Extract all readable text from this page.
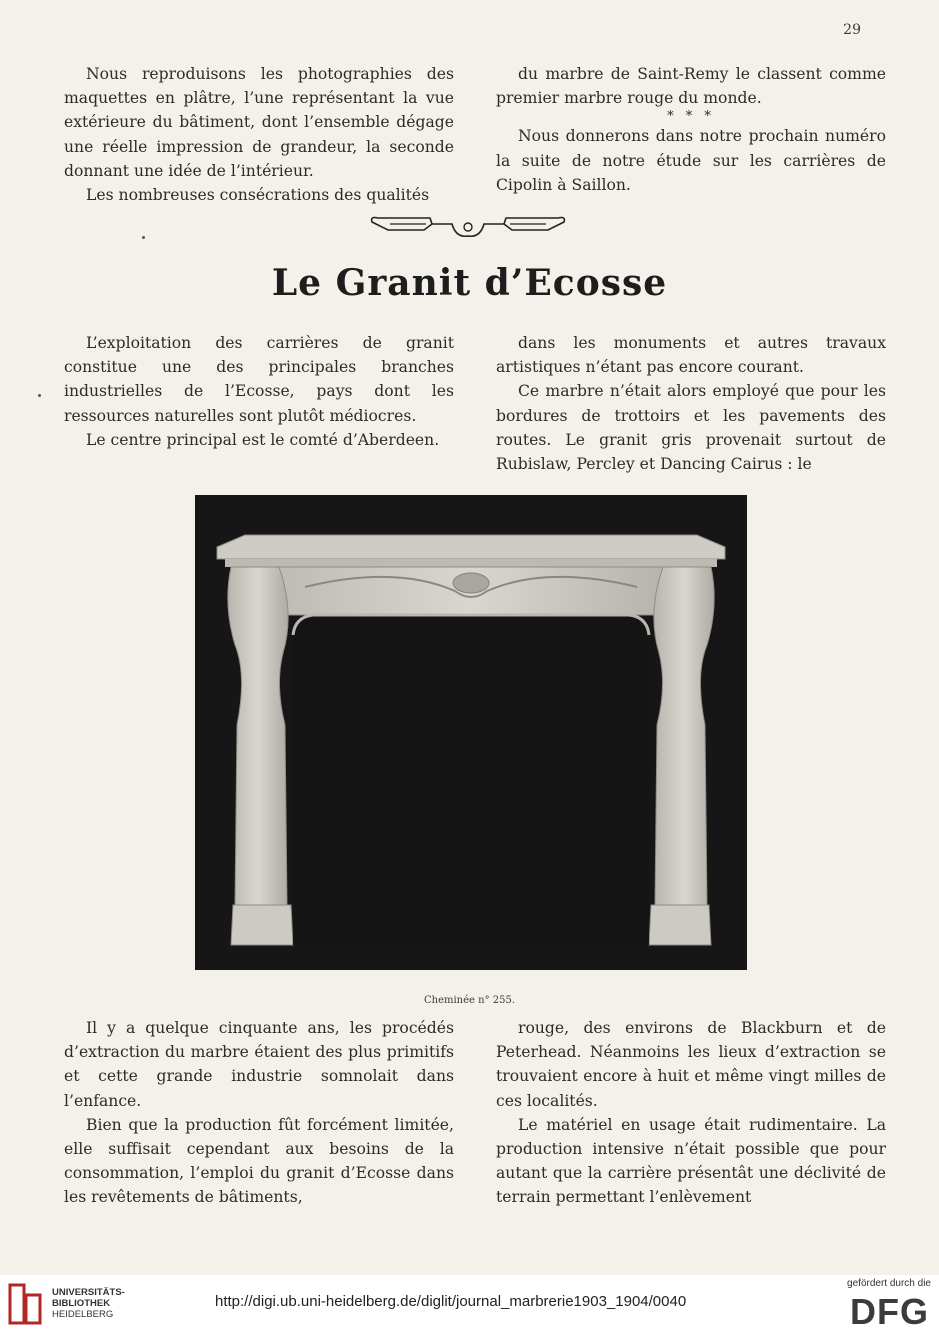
29

Nous reproduisons les photographies des maquettes en plâtre, l’une représentant la vue extérieure du bâtiment, dont l’ensemble dégage une réelle impression de grandeur, la seconde donnant une idée de l’intérieur.

Les nombreuses consécrations des qualités

du marbre de Saint-Remy le classent comme premier marbre rouge du monde.

* * *

Nous donnerons dans notre prochain numéro la suite de notre étude sur les carrières de Cipolin à Saillon.

Le Granit d’Ecosse

L’exploitation des carrières de granit constitue une des principales branches industrielles de l’Ecosse, pays dont les ressources naturelles sont plutôt médiocres.

Le centre principal est le comté d’Aberdeen.

dans les monuments et autres travaux artistiques n’étant pas encore courant.

Ce marbre n’était alors employé que pour les bordures de trottoirs et les pavements des routes. Le granit gris provenait surtout de Rubislaw, Percley et Dancing Cairus : le

Cheminée n° 255.

Il y a quelque cinquante ans, les procédés d’extraction du marbre étaient des plus primitifs et cette grande industrie somnolait dans l’enfance.

Bien que la production fût forcément limitée, elle suffisait cependant aux besoins de la consommation, l’emploi du granit d’Ecosse dans les revêtements de bâtiments,

rouge, des environs de Blackburn et de Peterhead. Néanmoins les lieux d’extraction se trouvaient encore à huit et même vingt milles de ces localités.

Le matériel en usage était rudimentaire. La production intensive n’était possible que pour autant que la carrière présentât une déclivité de terrain permettant l’enlèvement

UNIVERSITÄTS-
BIBLIOTHEK
HEIDELBERG
http://digi.ub.uni-heidelberg.de/diglit/journal_marbrerie1903_1904/0040
gefördert durch die
DFG
